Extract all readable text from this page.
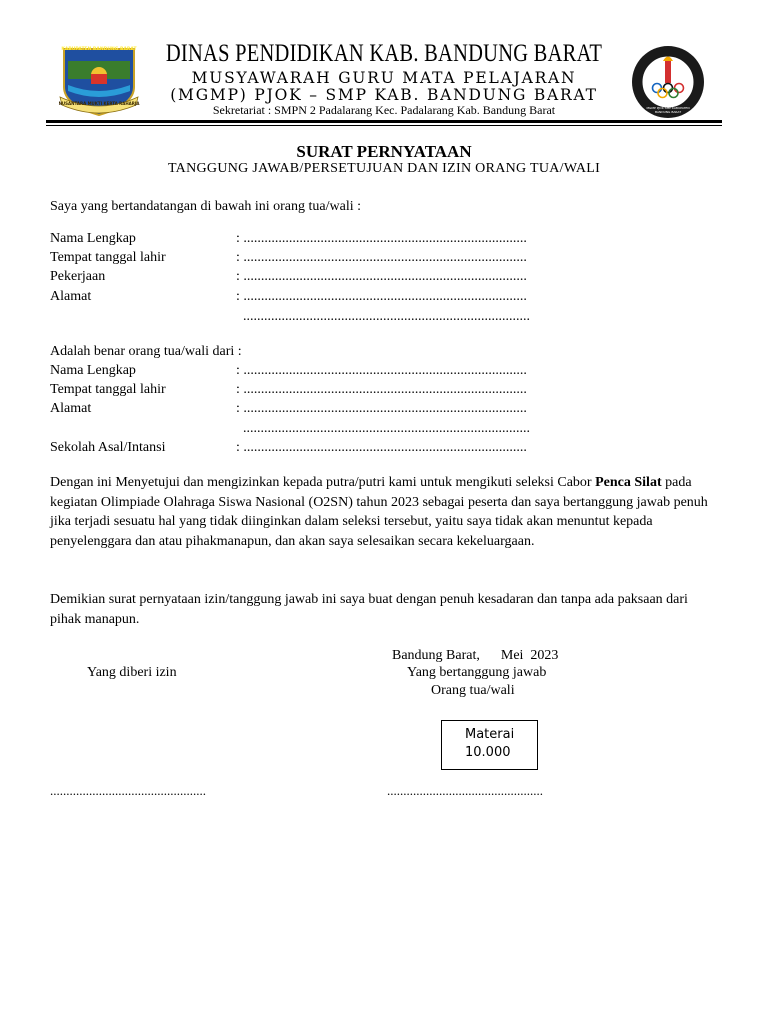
KABUPATEN BANDUNG BARAT
NUSANTARA MUKTI KERTA RAHARJA
MGMP PJOK SMP KABUPATEN BANDUNG BARAT
DINAS PENDIDIKAN KAB. BANDUNG BARAT
MUSYAWARAH GURU MATA PELAJARAN
(MGMP) PJOK – SMP KAB. BANDUNG BARAT
Sekretariat : SMPN 2 Padalarang Kec. Padalarang Kab. Bandung Barat
SURAT PERNYATAAN
TANGGUNG JAWAB/PERSETUJUAN DAN IZIN ORANG TUA/WALI
Saya yang bertandatangan di bawah ini orang tua/wali :
Nama Lengkap	: .................................................................................
Tempat tanggal lahir	: .................................................................................
Pekerjaan	: .................................................................................
Alamat	: .................................................................................
..................................................................................
Adalah benar orang tua/wali dari :
Nama Lengkap	: .................................................................................
Tempat tanggal lahir	: .................................................................................
Alamat	: .................................................................................
..................................................................................
Sekolah Asal/Intansi	: .................................................................................
Dengan ini Menyetujui dan mengizinkan kepada putra/putri kami untuk mengikuti seleksi Cabor Penca Silat pada kegiatan Olimpiade Olahraga Siswa Nasional (O2SN) tahun 2023 sebagai peserta dan saya bertanggung jawab penuh jika terjadi sesuatu hal yang tidak diinginkan dalam seleksi tersebut, yaitu saya tidak akan menuntut kepada penyelenggara dan atau pihakmanapun, dan akan saya selesaikan secara kekeluargaan.
Demikian surat pernyataan izin/tanggung jawab ini saya buat dengan penuh kesadaran dan tanpa ada paksaan dari pihak manapun.
Bandung Barat,      Mei  2023
Yang diberi izin	Yang bertanggung jawab
Orang tua/wali
Materai
10.000
................................................	................................................
